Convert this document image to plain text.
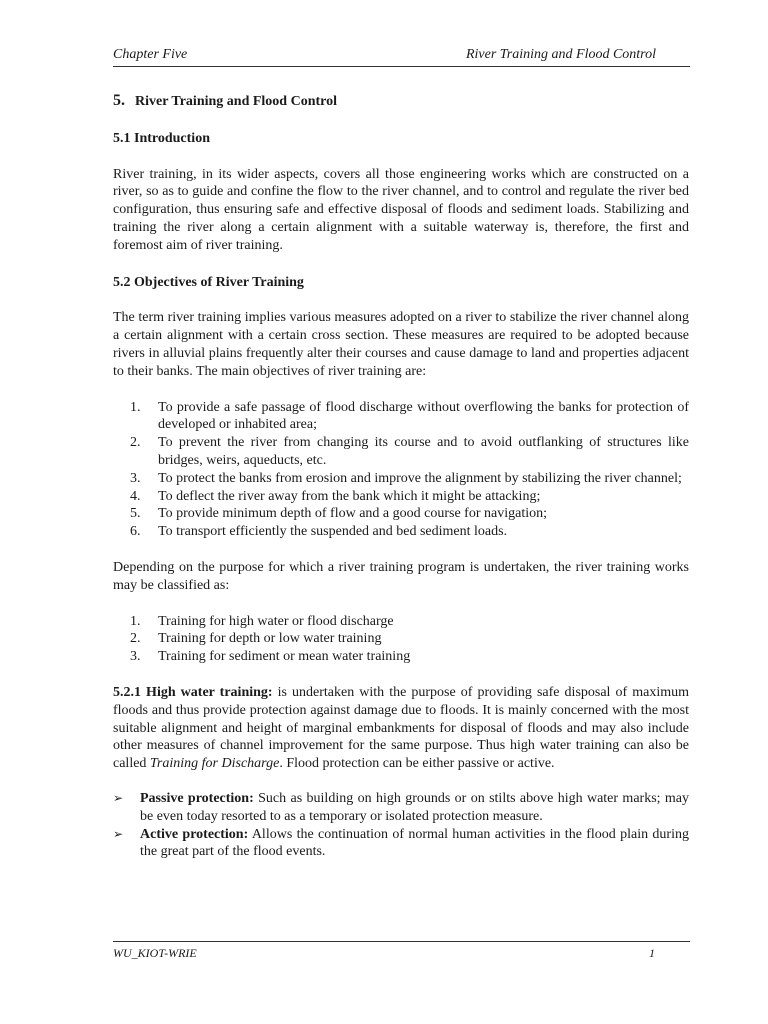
Chapter Five	River Training and Flood Control

5. River Training and Flood Control

5.1 Introduction

River training, in its wider aspects, covers all those engineering works which are constructed on a river, so as to guide and confine the flow to the river channel, and to control and regulate the river bed configuration, thus ensuring safe and effective disposal of floods and sediment loads. Stabilizing and training the river along a certain alignment with a suitable waterway is, therefore, the first and foremost aim of river training.

5.2 Objectives of River Training

The term river training implies various measures adopted on a river to stabilize the river channel along a certain alignment with a certain cross section. These measures are required to be adopted because rivers in alluvial plains frequently alter their courses and cause damage to land and properties adjacent to their banks. The main objectives of river training are:

1. To provide a safe passage of flood discharge without overflowing the banks for protection of developed or inhabited area;
2. To prevent the river from changing its course and to avoid outflanking of structures like bridges, weirs, aqueducts, etc.
3. To protect the banks from erosion and improve the alignment by stabilizing the river channel;
4. To deflect the river away from the bank which it might be attacking;
5. To provide minimum depth of flow and a good course for navigation;
6. To transport efficiently the suspended and bed sediment loads.

Depending on the purpose for which a river training program is undertaken, the river training works may be classified as:

1. Training for high water or flood discharge
2. Training for depth or low water training
3. Training for sediment or mean water training

5.2.1 High water training: is undertaken with the purpose of providing safe disposal of maximum floods and thus provide protection against damage due to floods. It is mainly concerned with the most suitable alignment and height of marginal embankments for disposal of floods and may also include other measures of channel improvement for the same purpose. Thus high water training can also be called Training for Discharge. Flood protection can be either passive or active.

➢ Passive protection: Such as building on high grounds or on stilts above high water marks; may be even today resorted to as a temporary or isolated protection measure.
➢ Active protection: Allows the continuation of normal human activities in the flood plain during the great part of the flood events.
WU_KIOT-WRIE	1
